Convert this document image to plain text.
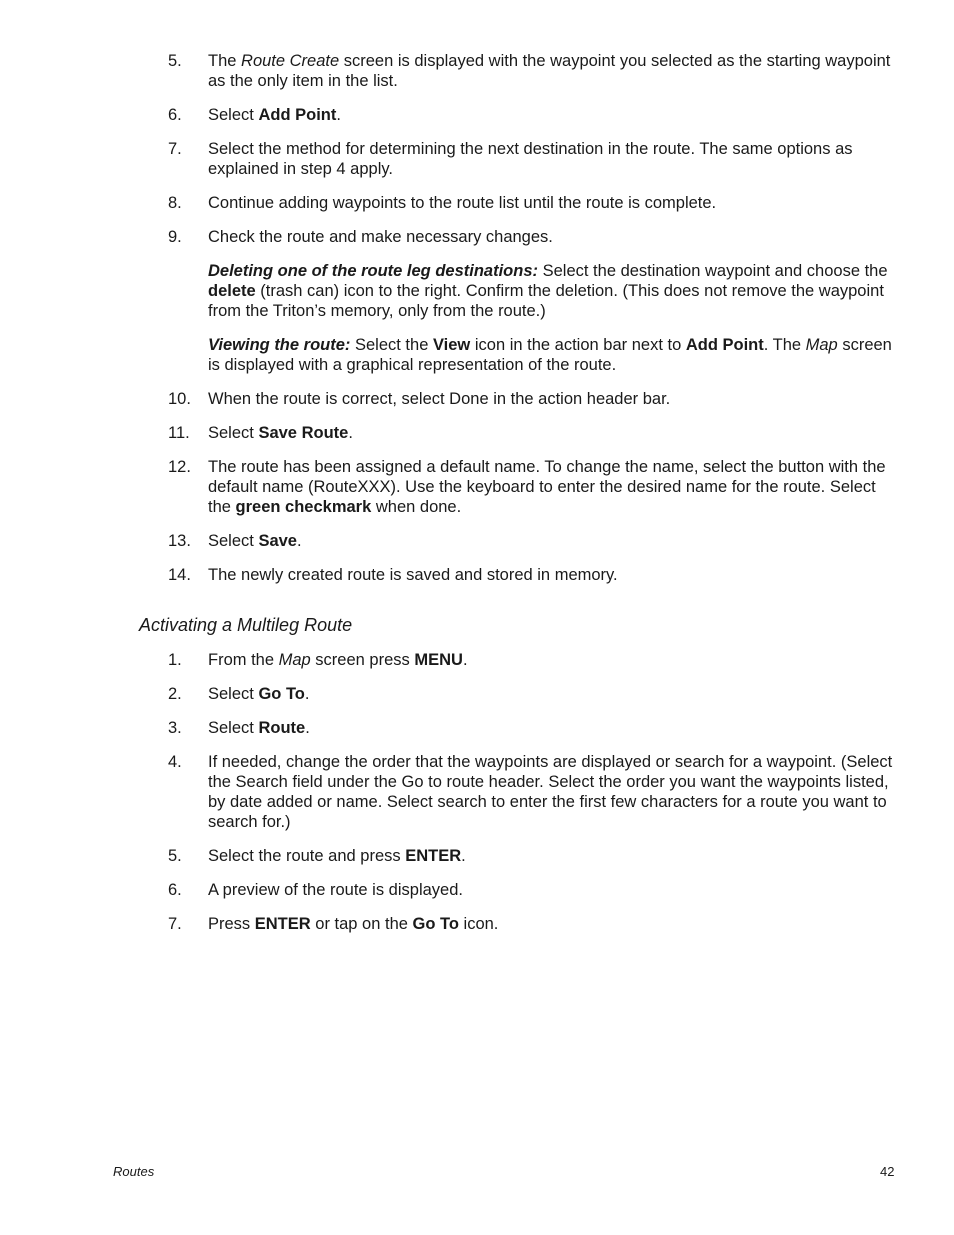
5. The Route Create screen is displayed with the waypoint you selected as the starting waypoint as the only item in the list.
6. Select Add Point.
7. Select the method for determining the next destination in the route. The same options as explained in step 4 apply.
8. Continue adding waypoints to the route list until the route is complete.
9. Check the route and make necessary changes.
Deleting one of the route leg destinations: Select the destination waypoint and choose the delete (trash can) icon to the right. Confirm the deletion. (This does not remove the waypoint from the Triton’s memory, only from the route.)
Viewing the route: Select the View icon in the action bar next to Add Point. The Map screen is displayed with a graphical representation of the route.
10. When the route is correct, select Done in the action header bar.
11. Select Save Route.
12. The route has been assigned a default name. To change the name, select the button with the default name (RouteXXX). Use the keyboard to enter the desired name for the route. Select the green checkmark when done.
13. Select Save.
14. The newly created route is saved and stored in memory.
Activating a Multileg Route
1. From the Map screen press MENU.
2. Select Go To.
3. Select Route.
4. If needed, change the order that the waypoints are displayed or search for a waypoint. (Select the Search field under the Go to route header. Select the order you want the waypoints listed, by date added or name. Select search to enter the first few characters for a route you want to search for.)
5. Select the route and press ENTER.
6. A preview of the route is displayed.
7. Press ENTER or tap on the Go To icon.
Routes	42
